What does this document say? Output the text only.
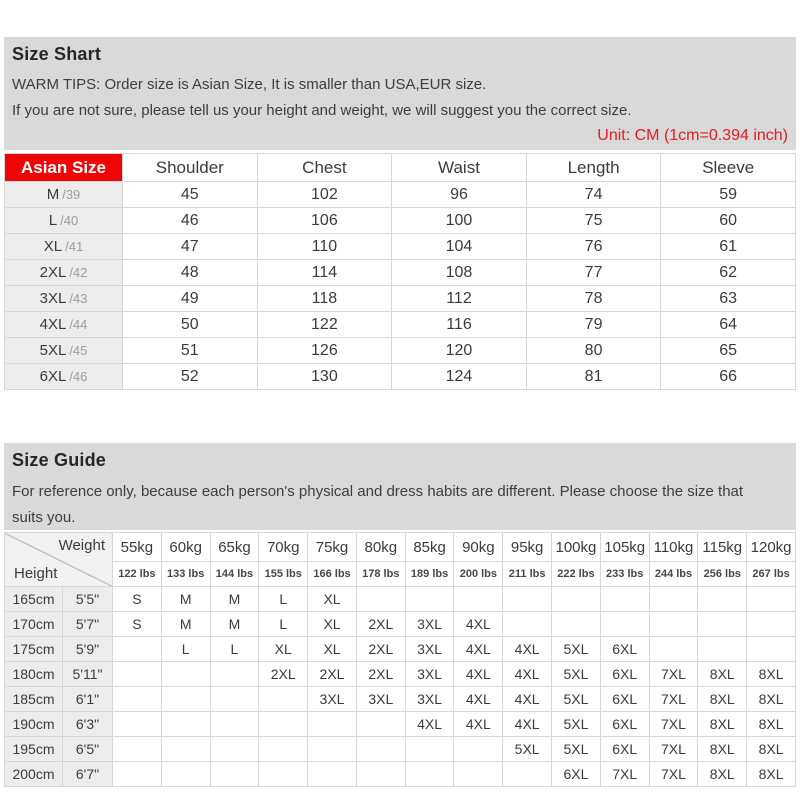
Size Shart
WARM TIPS: Order size is Asian Size, It is smaller than USA,EUR size.
If you are not sure, please tell us your height and weight, we will suggest you the correct size.
Unit: CM (1cm=0.394 inch)
Asian Size	Shoulder	Chest	Waist	Length	Sleeve
M /39	45	102	96	74	59
L /40	46	106	100	75	60
XL /41	47	110	104	76	61
2XL /42	48	114	108	77	62
3XL /43	49	118	112	78	63
4XL /44	50	122	116	79	64
5XL /45	51	126	120	80	65
6XL /46	52	130	124	81	66
Size Guide
For reference only, because each person's physical and dress habits are different. Please choose the size that
suits you.
Weight
Height		55kg	60kg	65kg	70kg	75kg	80kg	85kg	90kg	95kg	100kg	105kg	110kg	115kg	120kg
		122 lbs	133 lbs	144 lbs	155 lbs	166 lbs	178 lbs	189 lbs	200 lbs	211 lbs	222 lbs	233 lbs	244 lbs	256 lbs	267 lbs
165cm	5'5"	S	M	M	L	XL									
170cm	5'7"	S	M	M	L	XL	2XL	3XL	4XL						
175cm	5'9"		L	L	XL	XL	2XL	3XL	4XL	4XL	5XL	6XL			
180cm	5'11"				2XL	2XL	2XL	3XL	4XL	4XL	5XL	6XL	7XL	8XL	8XL
185cm	6'1"					3XL	3XL	3XL	4XL	4XL	5XL	6XL	7XL	8XL	8XL
190cm	6'3"							4XL	4XL	4XL	5XL	6XL	7XL	8XL	8XL
195cm	6'5"									5XL	5XL	6XL	7XL	8XL	8XL
200cm	6'7"										6XL	7XL	7XL	8XL	8XL
